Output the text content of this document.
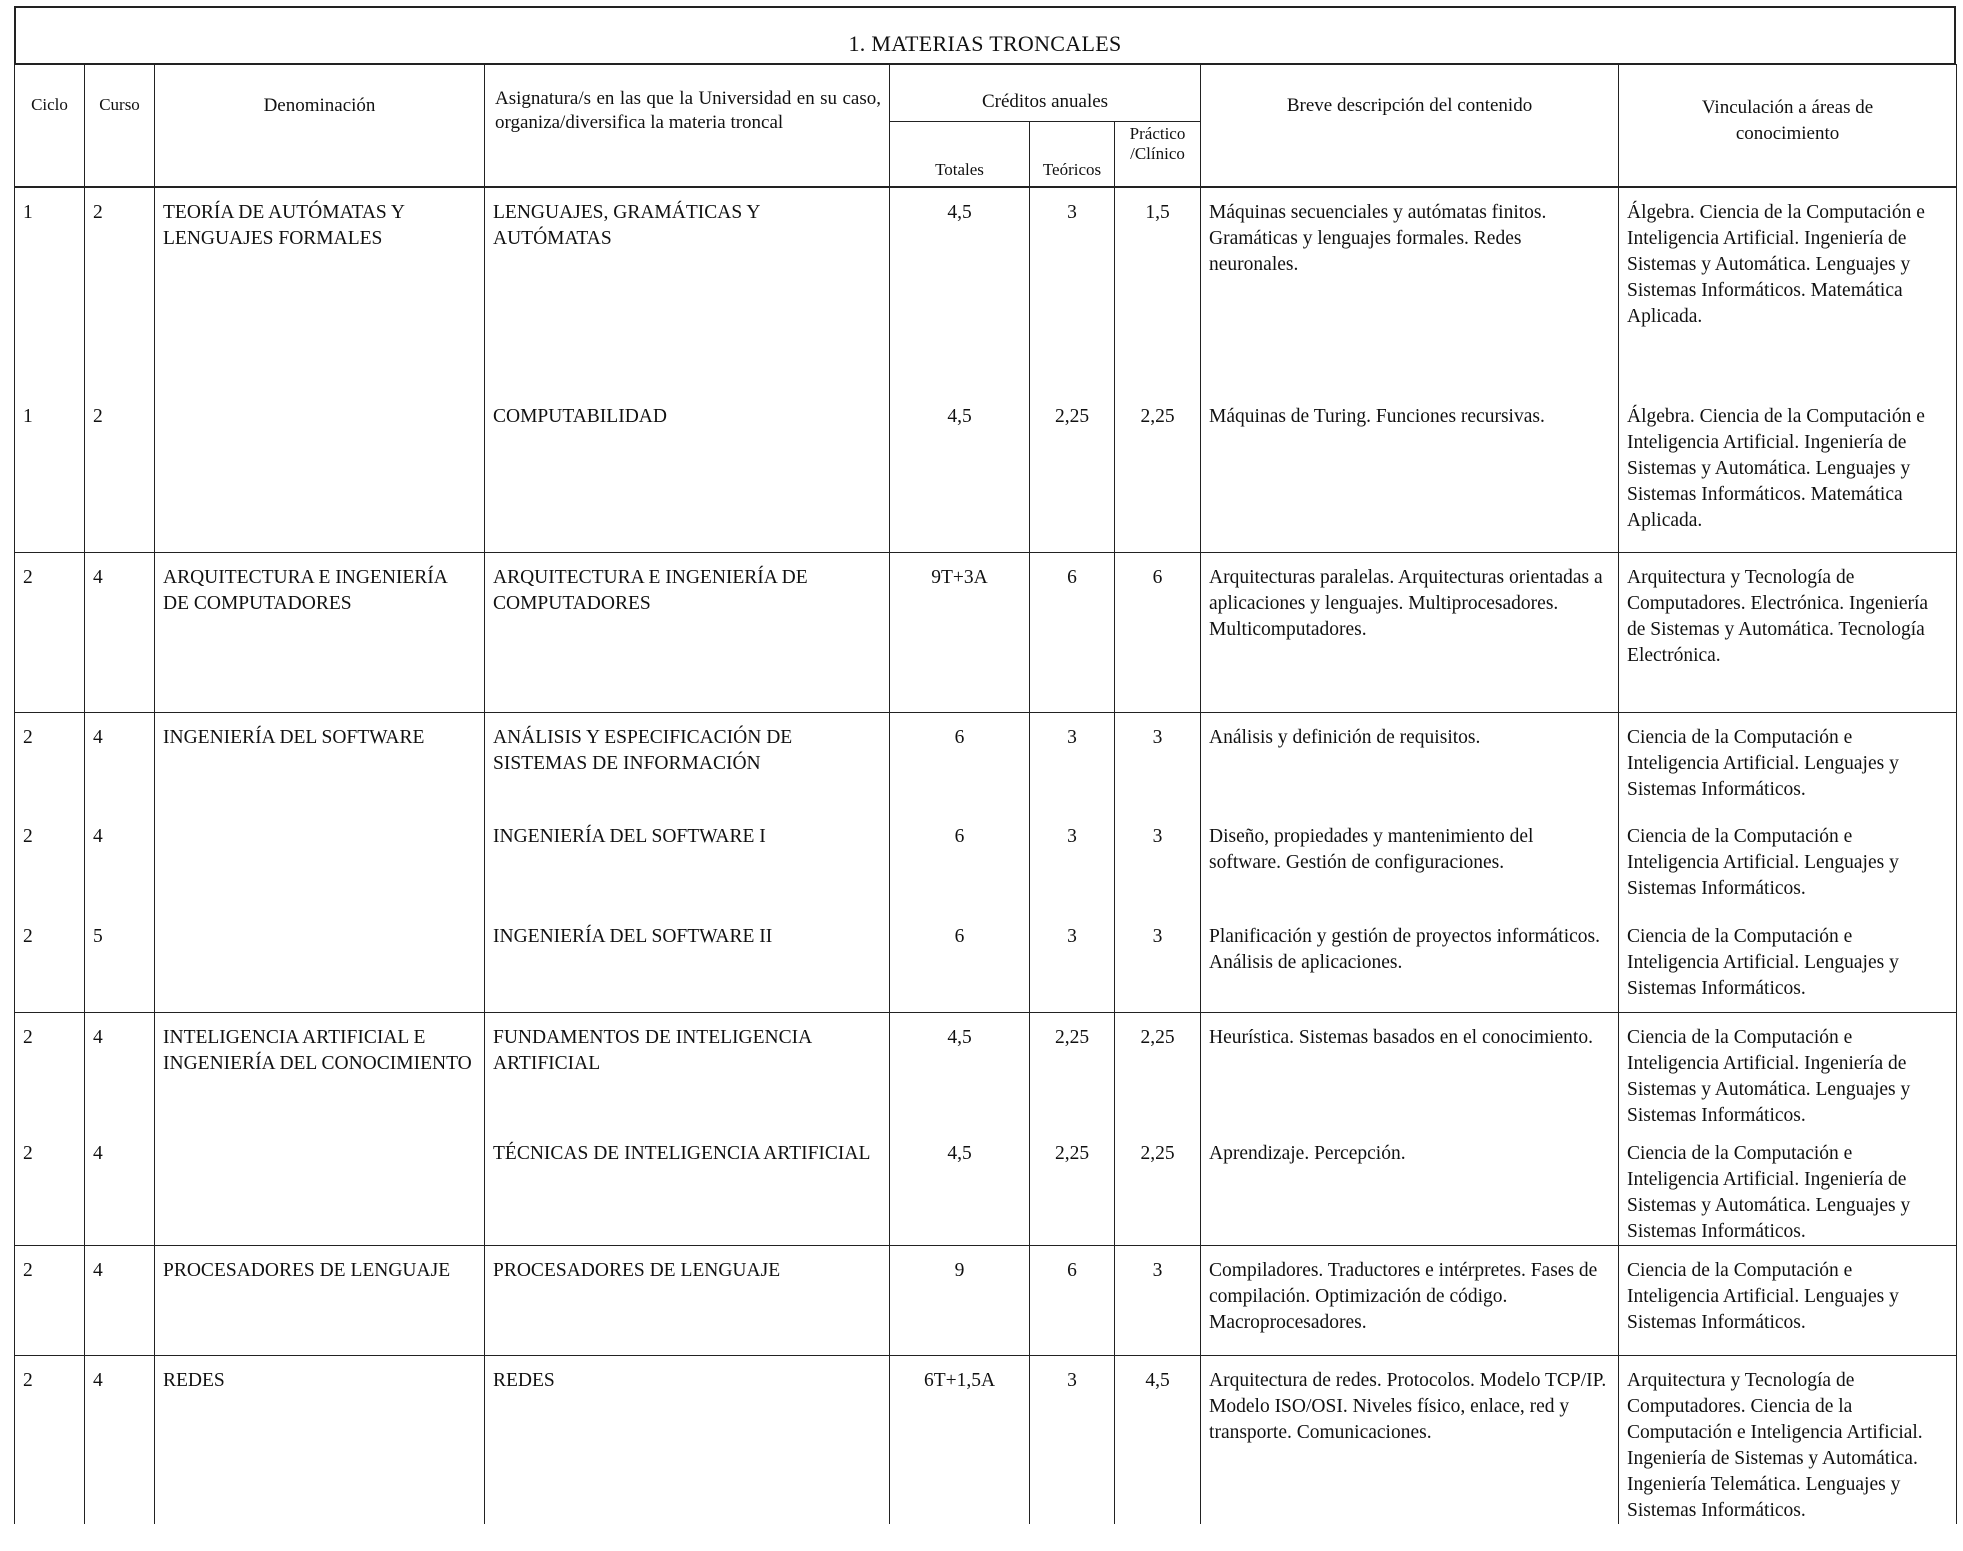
1. MATERIAS TRONCALES
Ciclo	Curso	Denominación	Asignatura/s en las que la Universidad en su caso, organiza/diversifica la materia troncal	Créditos anuales			Breve descripción del contenido	Vinculación a áreas de conocimiento
				Totales	Teóricos	Práctico /Clínico		

1	2	TEORÍA DE AUTÓMATAS Y LENGUAJES FORMALES	LENGUAJES, GRAMÁTICAS Y AUTÓMATAS	4,5	3	1,5	Máquinas secuenciales y autómatas finitos. Gramáticas y lenguajes formales. Redes neuronales.	Álgebra. Ciencia de la Computación e Inteligencia Artificial. Ingeniería de Sistemas y Automática. Lenguajes y Sistemas Informáticos. Matemática Aplicada.

1	2		COMPUTABILIDAD	4,5	2,25	2,25	Máquinas de Turing. Funciones recursivas.	Álgebra. Ciencia de la Computación e Inteligencia Artificial. Ingeniería de Sistemas y Automática. Lenguajes y Sistemas Informáticos. Matemática Aplicada.

2	4	ARQUITECTURA E INGENIERÍA DE COMPUTADORES	ARQUITECTURA E INGENIERÍA DE COMPUTADORES	9T+3A	6	6	Arquitecturas paralelas. Arquitecturas orientadas a aplicaciones y lenguajes. Multiprocesadores. Multicomputadores.	Arquitectura y Tecnología de Computadores. Electrónica. Ingeniería de Sistemas y Automática. Tecnología Electrónica.

2	4	INGENIERÍA DEL SOFTWARE	ANÁLISIS Y ESPECIFICACIÓN DE SISTEMAS DE INFORMACIÓN	6	3	3	Análisis y definición de requisitos.	Ciencia de la Computación e Inteligencia Artificial. Lenguajes y Sistemas Informáticos.

2	4		INGENIERÍA DEL SOFTWARE I	6	3	3	Diseño, propiedades y mantenimiento del software. Gestión de configuraciones.	Ciencia de la Computación e Inteligencia Artificial. Lenguajes y Sistemas Informáticos.

2	5		INGENIERÍA DEL SOFTWARE II	6	3	3	Planificación y gestión de proyectos informáticos. Análisis de aplicaciones.	Ciencia de la Computación e Inteligencia Artificial. Lenguajes y Sistemas Informáticos.

2	4	INTELIGENCIA ARTIFICIAL E INGENIERÍA DEL CONOCIMIENTO	FUNDAMENTOS DE INTELIGENCIA ARTIFICIAL	4,5	2,25	2,25	Heurística. Sistemas basados en el conocimiento.	Ciencia de la Computación e Inteligencia Artificial. Ingeniería de Sistemas y Automática. Lenguajes y Sistemas Informáticos.

2	4		TÉCNICAS DE INTELIGENCIA ARTIFICIAL	4,5	2,25	2,25	Aprendizaje. Percepción.	Ciencia de la Computación e Inteligencia Artificial. Ingeniería de Sistemas y Automática. Lenguajes y Sistemas Informáticos.

2	4	PROCESADORES DE LENGUAJE	PROCESADORES DE LENGUAJE	9	6	3	Compiladores. Traductores e intérpretes. Fases de compilación. Optimización de código. Macroprocesadores.	Ciencia de la Computación e Inteligencia Artificial. Lenguajes y Sistemas Informáticos.

2	4	REDES	REDES	6T+1,5A	3	4,5	Arquitectura de redes. Protocolos. Modelo TCP/IP. Modelo ISO/OSI. Niveles físico, enlace, red y transporte. Comunicaciones.	Arquitectura y Tecnología de Computadores. Ciencia de la Computación e Inteligencia Artificial. Ingeniería de Sistemas y Automática. Ingeniería Telemática. Lenguajes y Sistemas Informáticos.
